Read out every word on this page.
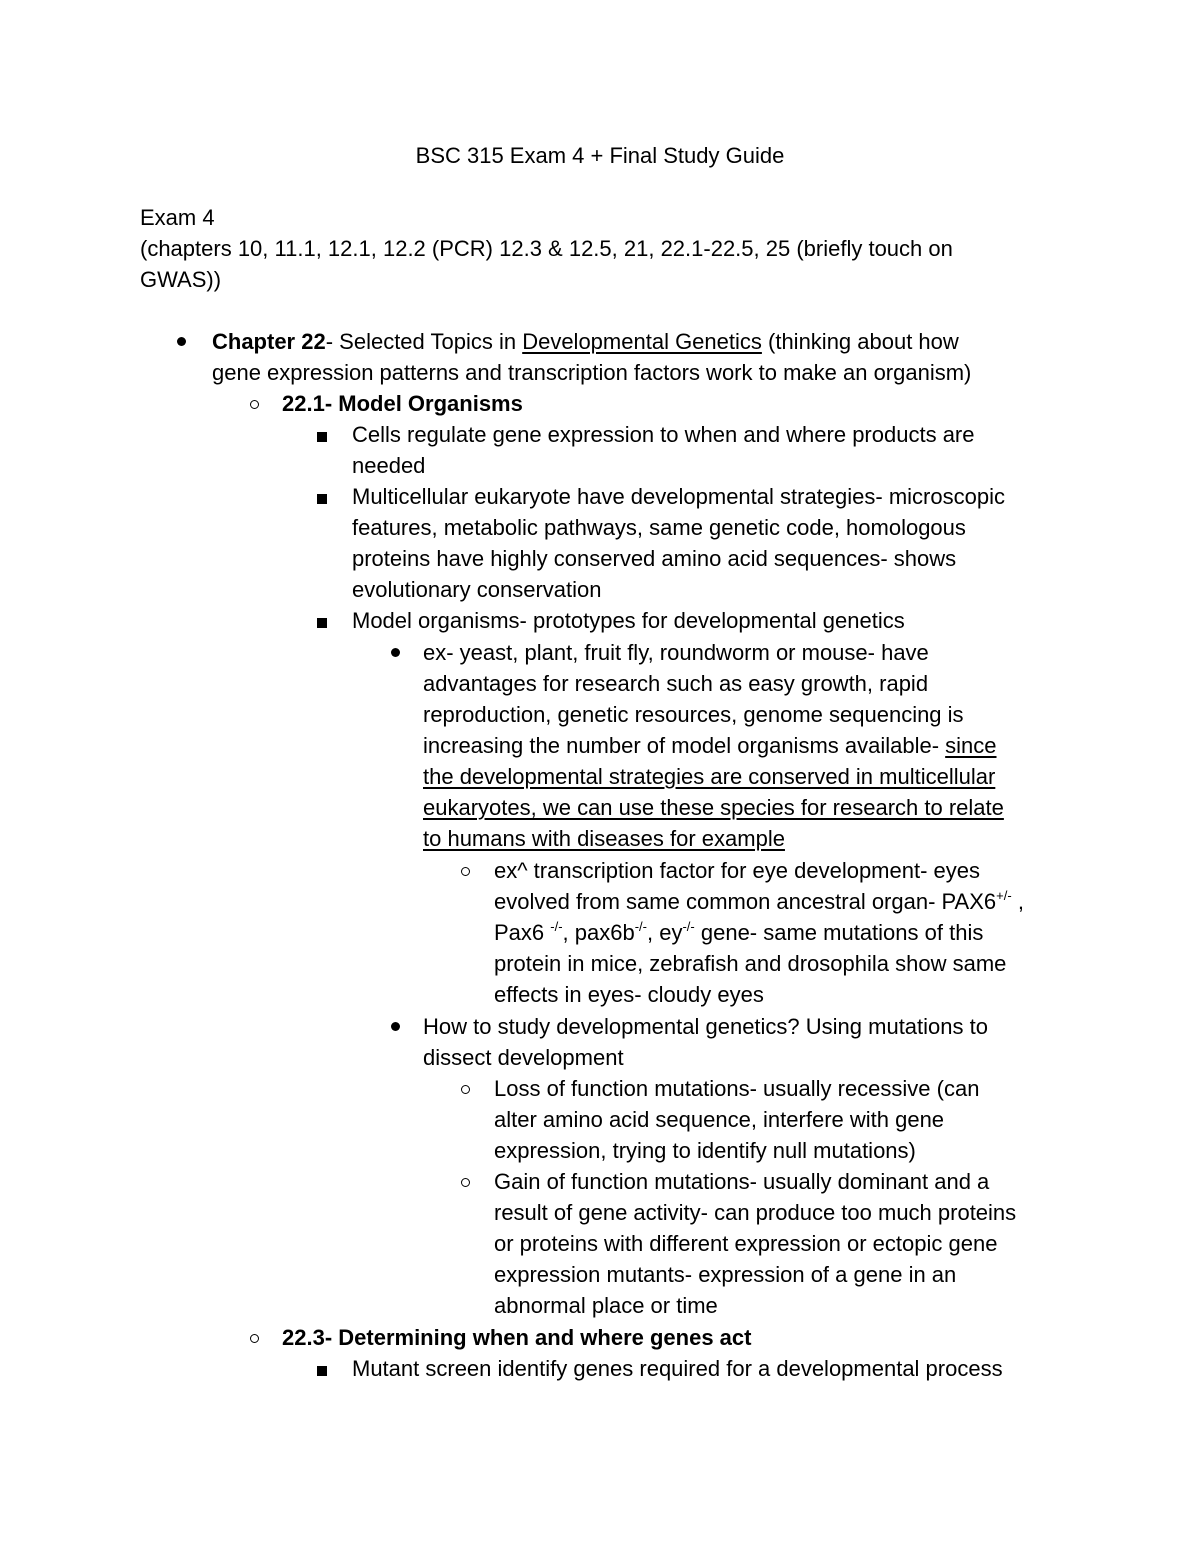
BSC 315 Exam 4 + Final Study Guide
Exam 4
(chapters 10, 11.1, 12.1, 12.2 (PCR) 12.3 & 12.5, 21, 22.1-22.5, 25 (briefly touch on
GWAS))
Chapter 22- Selected Topics in Developmental Genetics (thinking about how
gene expression patterns and transcription factors work to make an organism)
22.1- Model Organisms
Cells regulate gene expression to when and where products are
needed
Multicellular eukaryote have developmental strategies- microscopic
features, metabolic pathways, same genetic code, homologous
proteins have highly conserved amino acid sequences- shows
evolutionary conservation
Model organisms- prototypes for developmental genetics
ex- yeast, plant, fruit fly, roundworm or mouse- have
advantages for research such as easy growth, rapid
reproduction, genetic resources, genome sequencing is
increasing the number of model organisms available- since
the developmental strategies are conserved in multicellular
eukaryotes, we can use these species for research to relate
to humans with diseases for example
ex^ transcription factor for eye development- eyes
evolved from same common ancestral organ- PAX6+/- ,
Pax6 -/-, pax6b-/-, ey-/- gene- same mutations of this
protein in mice, zebrafish and drosophila show same
effects in eyes- cloudy eyes
How to study developmental genetics? Using mutations to
dissect development
Loss of function mutations- usually recessive (can
alter amino acid sequence, interfere with gene
expression, trying to identify null mutations)
Gain of function mutations- usually dominant and a
result of gene activity- can produce too much proteins
or proteins with different expression or ectopic gene
expression mutants- expression of a gene in an
abnormal place or time
22.3- Determining when and where genes act
Mutant screen identify genes required for a developmental process
